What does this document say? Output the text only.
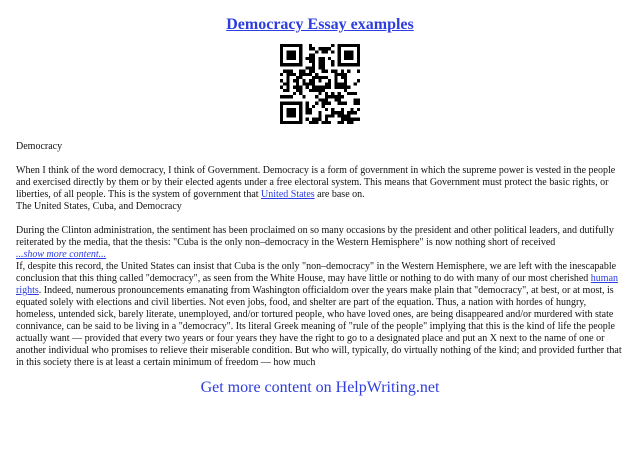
Democracy Essay examples

Democracy

When I think of the word democracy, I think of Government. Democracy is a form of government in which the supreme power is vested in the people and exercised directly by them or by their elected agents under a free electoral system. This means that Government must protect the basic rights, or liberties, of all people. This is the system of government that United States are base on.

The United States, Cuba, and Democracy

During the Clinton administration, the sentiment has been proclaimed on so many occasions by the president and other political leaders, and dutifully reiterated by the media, that the thesis: "Cuba is the only non–democracy in the Western Hemisphere" is now nothing short of received

...show more content...

If, despite this record, the United States can insist that Cuba is the only "non–democracy" in the Western Hemisphere, we are left with the inescapable conclusion that this thing called "democracy", as seen from the White House, may have little or nothing to do with many of our most cherished human rights. Indeed, numerous pronouncements emanating from Washington officialdom over the years make plain that "democracy", at best, or at most, is equated solely with elections and civil liberties. Not even jobs, food, and shelter are part of the equation. Thus, a nation with hordes of hungry, homeless, untended sick, barely literate, unemployed, and/or tortured people, who have loved ones, are being disappeared and/or murdered with state connivance, can be said to be living in a "democracy". Its literal Greek meaning of "rule of the people" implying that this is the kind of life the people actually want — provided that every two years or four years they have the right to go to a designated place and put an X next to the name of one or another individual who promises to relieve their miserable condition. But who will, typically, do virtually nothing of the kind; and provided further that in this society there is at least a certain minimum of freedom — how much

Get more content on HelpWriting.net
